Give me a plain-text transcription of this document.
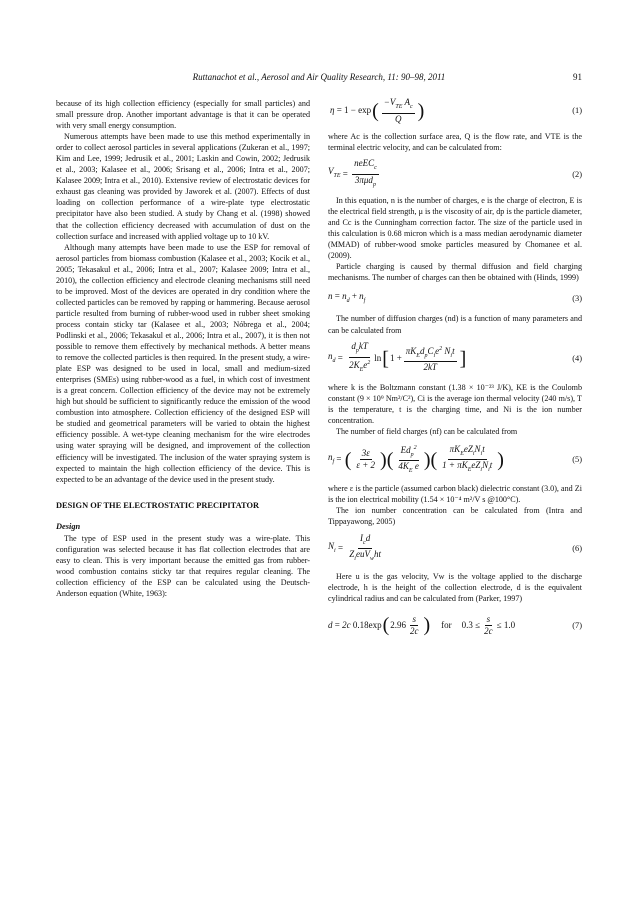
Ruttanachot et al., Aerosol and Air Quality Research, 11: 90–98, 2011	91

because of its high collection efficiency (especially for small particles) and small pressure drop. Another important advantage is that it can be operated with very small energy consumption.

Numerous attempts have been made to use this method experimentally in order to collect aerosol particles in several applications (Zukeran et al., 1997; Kim and Lee, 1999; Jedrusik et al., 2001; Laskin and Cowin, 2002; Jedrusik et al., 2003; Kalasee et al., 2006; Srisang et al., 2006; Intra et al., 2007; Kalasee 2009; Intra et al., 2010). Extensive review of electrostatic devices for exhaust gas cleaning was provided by Jaworek et al. (2007). Effects of dust loading on collection performance of a wire-plate type electrostatic precipitator have also been studied. A study by Chang et al. (1998) showed that the collection efficiency decreased with accumulation of dust on the collection surface and increased with applied voltage up to 10 kV.

Although many attempts have been made to use the ESP for removal of aerosol particles from biomass combustion (Kalasee et al., 2003; Kocik et al., 2005; Tekasakul et al., 2006; Intra et al., 2007; Kalasee 2009; Intra et al., 2010), the collection efficiency and electrode cleaning mechanisms still need to be improved. Most of the devices are operated in dry condition where the collected particles can be removed by rapping or hammering. Because aerosol particle resulted from burning of rubber-wood used in rubber sheet smoking process contain sticky tar (Kalasee et al., 2003; Nóbrega et al., 2004; Podlinski et al., 2006; Tekasakul et al., 2006; Intra et al., 2007), it is then not possible to remove them effectively by mechanical methods. A better means to remove the collected particles is then required. In the present study, a wire-plate ESP was designed to be used in local, small and medium-sized enterprises (SMEs) using rubber-wood as a fuel, in which cost of investment is a great concern. Collection efficiency of the device may not be extremely high but should be sufficient to significantly reduce the emission of the wood combustion into atmosphere. Collection efficiency of the designed ESP will be studied and geometrical parameters will be varied to obtain the highest efficiency possible. A wet-type cleaning mechanism for the wire electrodes using water spraying will be designed, and improvement of the collection efficiency will be investigated. The inclusion of the water spraying system is expected to maintain the high collection efficiency of the device. This is expected to be an advantage of the device used in the present study.

DESIGN OF THE ELECTROSTATIC PRECIPITATOR
Design

The type of ESP used in the present study was a wire-plate. This configuration was selected because it has flat collection electrodes that are easy to clean. This is very important because the emitted gas from rubber-wood combustion contains sticky tar that requires regular cleaning. The collection efficiency of the ESP can be calculated using the Deutsch-Anderson equation (White, 1963):

η = 1 − exp ( $\frac{-V_{TE} A_c}{Q}$ )	(1)

where Ac is the collection surface area, Q is the flow rate, and VTE is the terminal electric velocity, and can be calculated from:

$V_{TE} = \frac{neEC_c}{3\pi\mu d_p}$	(2)

In this equation, n is the number of charges, e is the charge of electron, E is the electrical field strength, μ is the viscosity of air, dp is the particle diameter, and Cc is the Cunningham correction factor. The size of the particle used in this calculation is 0.68 micron which is a mass median aerodynamic diameter (MMAD) of rubber-wood smoke particles measured by Chomanee et al. (2009).

Particle charging is caused by thermal diffusion and field charging mechanisms. The number of charges can then be obtained with (Hinds, 1999)

$n = n_d + n_f$	(3)

The number of diffusion charges (nd) is a function of many parameters and can be calculated from

$n_d = \frac{d_pkT}{2K_Ee^2}$ ln [ $1 + \frac{\pi K_Ed_pC_ie^2 N_it}{2kT}$ ]	(4)

where k is the Boltzmann constant (1.38 × 10⁻²³ J/K), KE is the Coulomb constant (9 × 10⁹ Nm²/C²), Ci is the average ion thermal velocity (240 m/s), T is the temperature, t is the charging time, and Ni is the ion number concentration.

The number of field charges (nf) can be calculated from

$n_f$ = ( $\frac{3\varepsilon}{\varepsilon + 2}$ )( $\frac{Ed_p^2}{4K_E e}$ )( $\frac{\pi K_EeZ_iN_it}{1 + \pi K_EeZ_iN_it}$ )	(5)

where ε is the particle (assumed carbon black) dielectric constant (3.0), and Zi is the ion electrical mobility (1.54 × 10⁻⁴ m²/V s @100°C).

The ion number concentration can be calculated from (Intra and Tippayawong, 2005)

$N_i = \frac{I_cd}{Z_ieuV_wht}$	(6)

Here u is the gas velocity, Vw is the voltage applied to the discharge electrode, h is the height of the collection electrode, d is the equivalent cylindrical radius and can be calculated from (Parker, 1997)

d = 2c 0.18exp ( $2.96 \frac{s}{2c}$ ) for $0.3 \le \frac{s}{2c} \le 1.0$	(7)
